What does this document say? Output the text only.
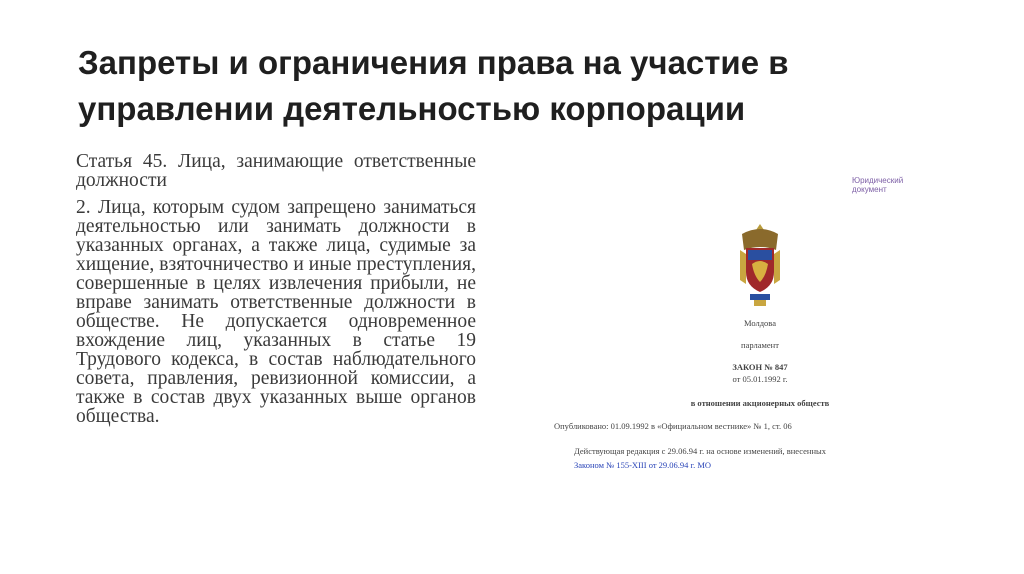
Запреты и ограничения права на участие в управлении деятельностью корпорации

Статья 45. Лица, занимающие ответственные должности

2. Лица, которым судом запрещено заниматься деятельностью или занимать должности в указанных органах, а также лица, судимые за хищение, взяточничество и иные преступления, совершенные в целях извлечения прибыли, не вправе занимать ответственные должности в обществе. Не допускается одновременное вхождение лиц, указанных в статье 19 Трудового кодекса, в состав наблюдательного совета, правления, ревизионной комиссии, а также в состав двух указанных выше органов общества.

Юридический документ
Молдова
парламент
ЗАКОН № 847
от 05.01.1992 г.
в отношении акционерных обществ
Опубликовано: 01.09.1992 в «Официальном вестнике» № 1, ст. 06
Действующая редакция с 29.06.94 г. на основе изменений, внесенных
Законом № 155-XIII от 29.06.94 г. МО
